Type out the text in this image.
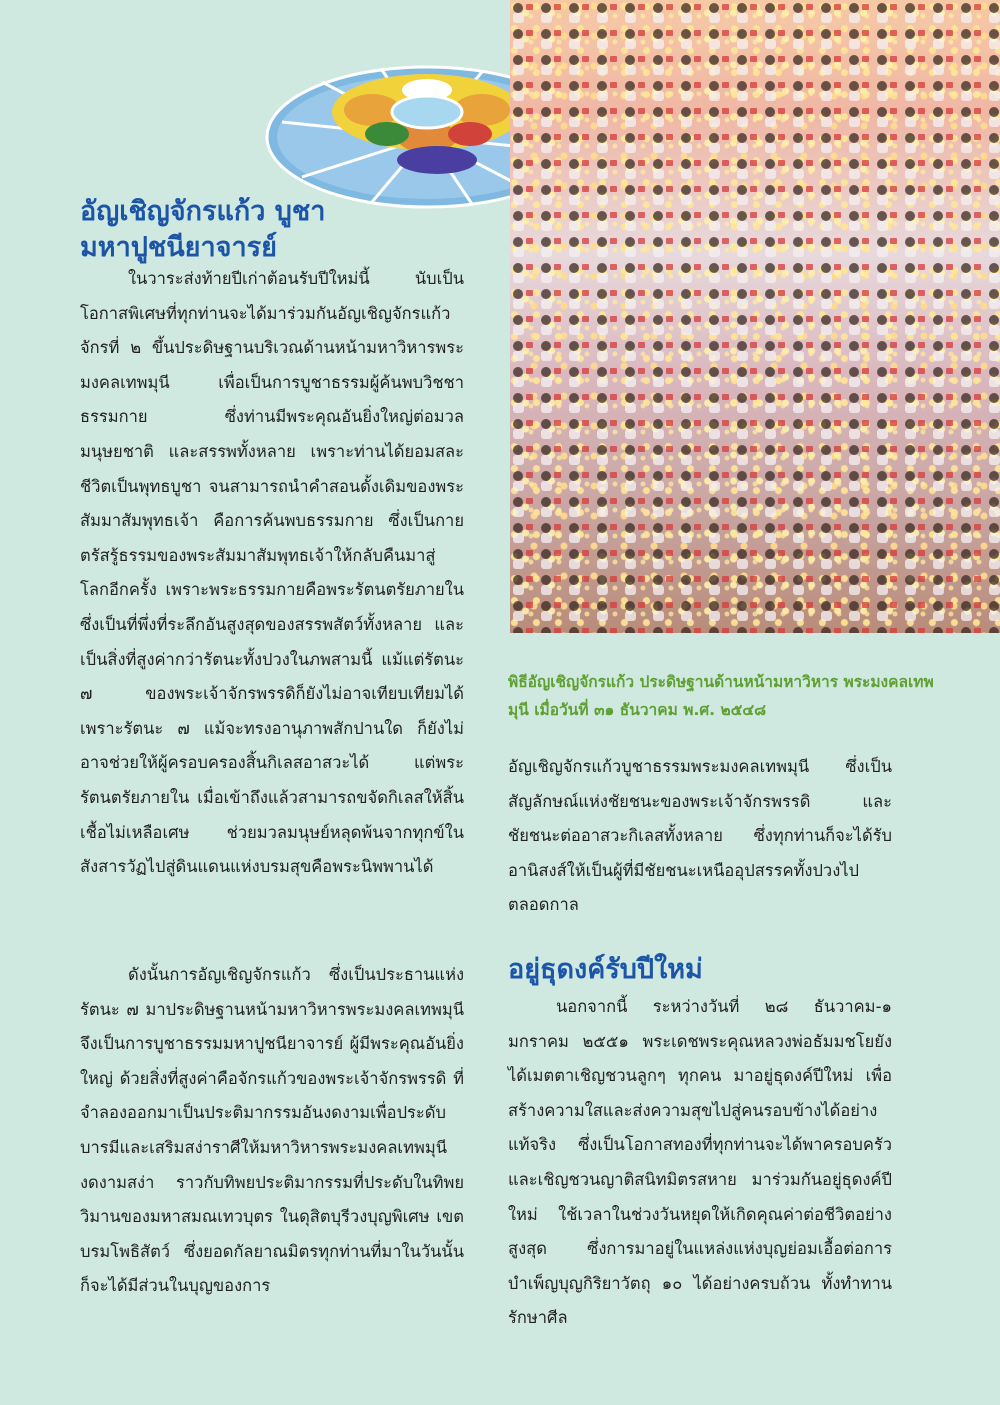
พิธีอัญเชิญจักรแก้ว ประดิษฐานด้านหน้ามหาวิหาร พระมงคลเทพมุนี เมื่อวันที่ ๓๑ ธันวาคม พ.ศ. ๒๕๔๘

อัญเชิญจักรแก้ว บูชามหาปูชนียาจารย์

ในวาระส่งท้ายปีเก่าต้อนรับปีใหม่นี้ นับเป็นโอกาสพิเศษที่ทุกท่านจะได้มาร่วมกันอัญเชิญจักรแก้วจักรที่ ๒ ขึ้นประดิษฐานบริเวณด้านหน้ามหาวิหารพระมงคลเทพมุนี เพื่อเป็นการบูชาธรรมผู้ค้นพบวิชชาธรรมกาย ซึ่งท่านมีพระคุณอันยิ่งใหญ่ต่อมวลมนุษยชาติ และสรรพทั้งหลาย เพราะท่านได้ยอมสละชีวิตเป็นพุทธบูชา จนสามารถนำคำสอนดั้งเดิมของพระสัมมาสัมพุทธเจ้า คือการค้นพบธรรมกาย ซึ่งเป็นกายตรัสรู้ธรรมของพระสัมมาสัมพุทธเจ้าให้กลับคืนมาสู่โลกอีกครั้ง เพราะพระธรรมกายคือพระรัตนตรัยภายใน ซึ่งเป็นที่พึ่งที่ระลึกอันสูงสุดของสรรพสัตว์ทั้งหลาย และเป็นสิ่งที่สูงค่ากว่ารัตนะทั้งปวงในภพสามนี้ แม้แต่รัตนะ ๗ ของพระเจ้าจักรพรรดิก็ยังไม่อาจเทียบเทียมได้ เพราะรัตนะ ๗ แม้จะทรงอานุภาพสักปานใด ก็ยังไม่อาจช่วยให้ผู้ครอบครองสิ้นกิเลสอาสวะได้ แต่พระรัตนตรัยภายใน เมื่อเข้าถึงแล้วสามารถขจัดกิเลสให้สิ้นเชื้อไม่เหลือเศษ ช่วยมวลมนุษย์หลุดพ้นจากทุกข์ในสังสารวัฏไปสู่ดินแดนแห่งบรมสุขคือพระนิพพานได้

ดังนั้นการอัญเชิญจักรแก้ว ซึ่งเป็นประธานแห่งรัตนะ ๗ มาประดิษฐานหน้ามหาวิหารพระมงคลเทพมุนี จึงเป็นการบูชาธรรมมหาปูชนียาจารย์ ผู้มีพระคุณอันยิ่งใหญ่ ด้วยสิ่งที่สูงค่าคือจักรแก้วของพระเจ้าจักรพรรดิ ที่จำลองออกมาเป็นประติมากรรมอันงดงามเพื่อประดับบารมีและเสริมสง่าราศีให้มหาวิหารพระมงคลเทพมุนีงดงามสง่า ราวกับทิพยประติมากรรมที่ประดับในทิพยวิมานของมหาสมณเทวบุตร ในดุสิตบุรีวงบุญพิเศษ เขตบรมโพธิสัตว์ ซึ่งยอดกัลยาณมิตรทุกท่านที่มาในวันนั้นก็จะได้มีส่วนในบุญของการ

อัญเชิญจักรแก้วบูชาธรรมพระมงคลเทพมุนี ซึ่งเป็นสัญลักษณ์แห่งชัยชนะของพระเจ้าจักรพรรดิ และชัยชนะต่ออาสวะกิเลสทั้งหลาย ซึ่งทุกท่านก็จะได้รับอานิสงส์ให้เป็นผู้ที่มีชัยชนะเหนืออุปสรรคทั้งปวงไปตลอดกาล

อยู่ธุดงค์รับปีใหม่

นอกจากนี้ ระหว่างวันที่ ๒๘ ธันวาคม-๑ มกราคม ๒๕๕๑ พระเดชพระคุณหลวงพ่อธัมมชโยยังได้เมตตาเชิญชวนลูกๆ ทุกคน มาอยู่ธุดงค์ปีใหม่ เพื่อสร้างความใสและส่งความสุขไปสู่คนรอบข้างได้อย่างแท้จริง ซึ่งเป็นโอกาสทองที่ทุกท่านจะได้พาครอบครัว และเชิญชวนญาติสนิทมิตรสหาย มาร่วมกันอยู่ธุดงค์ปีใหม่ ใช้เวลาในช่วงวันหยุดให้เกิดคุณค่าต่อชีวิตอย่างสูงสุด ซึ่งการมาอยู่ในแหล่งแห่งบุญย่อมเอื้อต่อการบำเพ็ญบุญกิริยาวัตถุ ๑๐ ได้อย่างครบถ้วน ทั้งทำทาน รักษาศีล
